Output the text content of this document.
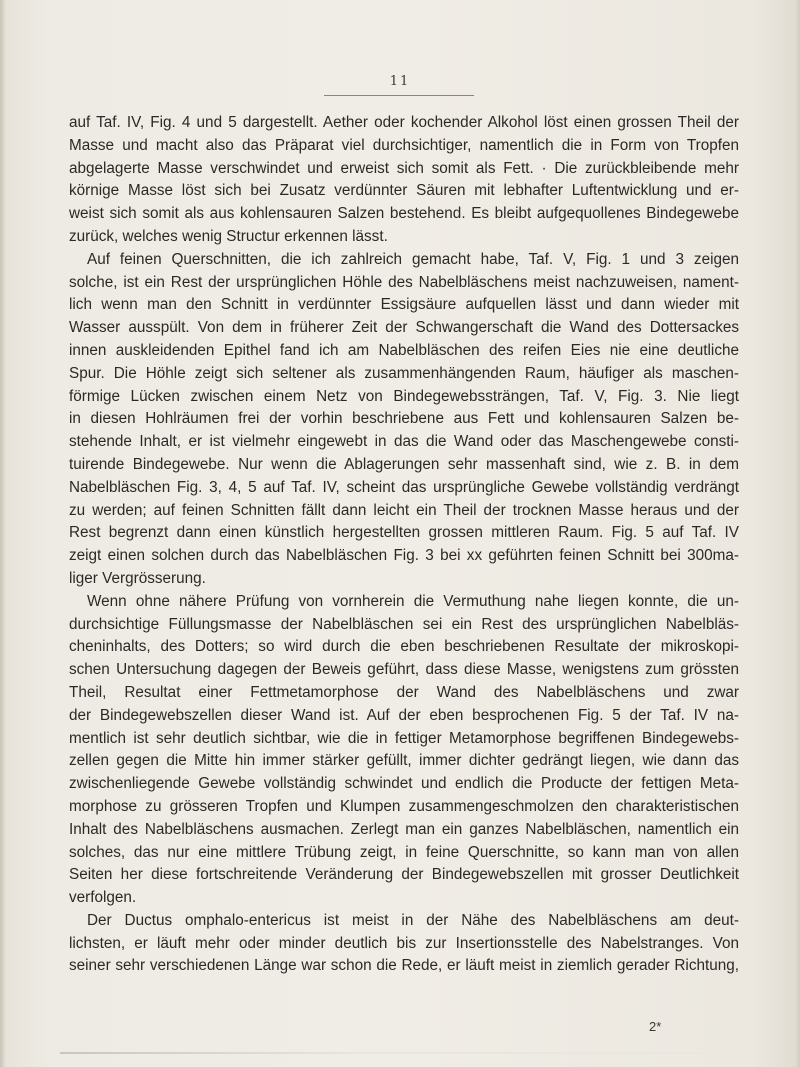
11
auf Taf. IV, Fig. 4 und 5 dargestellt. Aether oder kochender Alkohol löst einen grossen Theil der
Masse und macht also das Präparat viel durchsichtiger, namentlich die in Form von Tropfen
abgelagerte Masse verschwindet und erweist sich somit als Fett. · Die zurückbleibende mehr
körnige Masse löst sich bei Zusatz verdünnter Säuren mit lebhafter Luftentwicklung und er-
weist sich somit als aus kohlensauren Salzen bestehend. Es bleibt aufgequollenes Bindegewebe
zurück, welches wenig Structur erkennen lässt.
Auf feinen Querschnitten, die ich zahlreich gemacht habe, Taf. V, Fig. 1 und 3 zeigen
solche, ist ein Rest der ursprünglichen Höhle des Nabelbläschens meist nachzuweisen, nament-
lich wenn man den Schnitt in verdünnter Essigsäure aufquellen lässt und dann wieder mit
Wasser ausspült. Von dem in früherer Zeit der Schwangerschaft die Wand des Dottersackes
innen auskleidenden Epithel fand ich am Nabelbläschen des reifen Eies nie eine deutliche
Spur. Die Höhle zeigt sich seltener als zusammenhängenden Raum, häufiger als maschen-
förmige Lücken zwischen einem Netz von Bindegewebssträngen, Taf. V, Fig. 3. Nie liegt
in diesen Hohlräumen frei der vorhin beschriebene aus Fett und kohlensauren Salzen be-
stehende Inhalt, er ist vielmehr eingewebt in das die Wand oder das Maschengewebe consti-
tuirende Bindegewebe. Nur wenn die Ablagerungen sehr massenhaft sind, wie z. B. in dem
Nabelbläschen Fig. 3, 4, 5 auf Taf. IV, scheint das ursprüngliche Gewebe vollständig verdrängt
zu werden; auf feinen Schnitten fällt dann leicht ein Theil der trocknen Masse heraus und der
Rest begrenzt dann einen künstlich hergestellten grossen mittleren Raum. Fig. 5 auf Taf. IV
zeigt einen solchen durch das Nabelbläschen Fig. 3 bei xx geführten feinen Schnitt bei 300ma-
liger Vergrösserung.
Wenn ohne nähere Prüfung von vornherein die Vermuthung nahe liegen konnte, die un-
durchsichtige Füllungsmasse der Nabelbläschen sei ein Rest des ursprünglichen Nabelbläs-
cheninhalts, des Dotters; so wird durch die eben beschriebenen Resultate der mikroskopi-
schen Untersuchung dagegen der Beweis geführt, dass diese Masse, wenigstens zum grössten
Theil, Resultat einer Fettmetamorphose der Wand des Nabelbläschens und zwar
der Bindegewebszellen dieser Wand ist. Auf der eben besprochenen Fig. 5 der Taf. IV na-
mentlich ist sehr deutlich sichtbar, wie die in fettiger Metamorphose begriffenen Bindegewebs-
zellen gegen die Mitte hin immer stärker gefüllt, immer dichter gedrängt liegen, wie dann das
zwischenliegende Gewebe vollständig schwindet und endlich die Producte der fettigen Meta-
morphose zu grösseren Tropfen und Klumpen zusammengeschmolzen den charakteristischen
Inhalt des Nabelbläschens ausmachen. Zerlegt man ein ganzes Nabelbläschen, namentlich ein
solches, das nur eine mittlere Trübung zeigt, in feine Querschnitte, so kann man von allen
Seiten her diese fortschreitende Veränderung der Bindegewebszellen mit grosser Deutlichkeit
verfolgen.
Der Ductus omphalo-entericus ist meist in der Nähe des Nabelbläschens am deut-
lichsten, er läuft mehr oder minder deutlich bis zur Insertionsstelle des Nabelstranges. Von
seiner sehr verschiedenen Länge war schon die Rede, er läuft meist in ziemlich gerader Richtung,
2*
